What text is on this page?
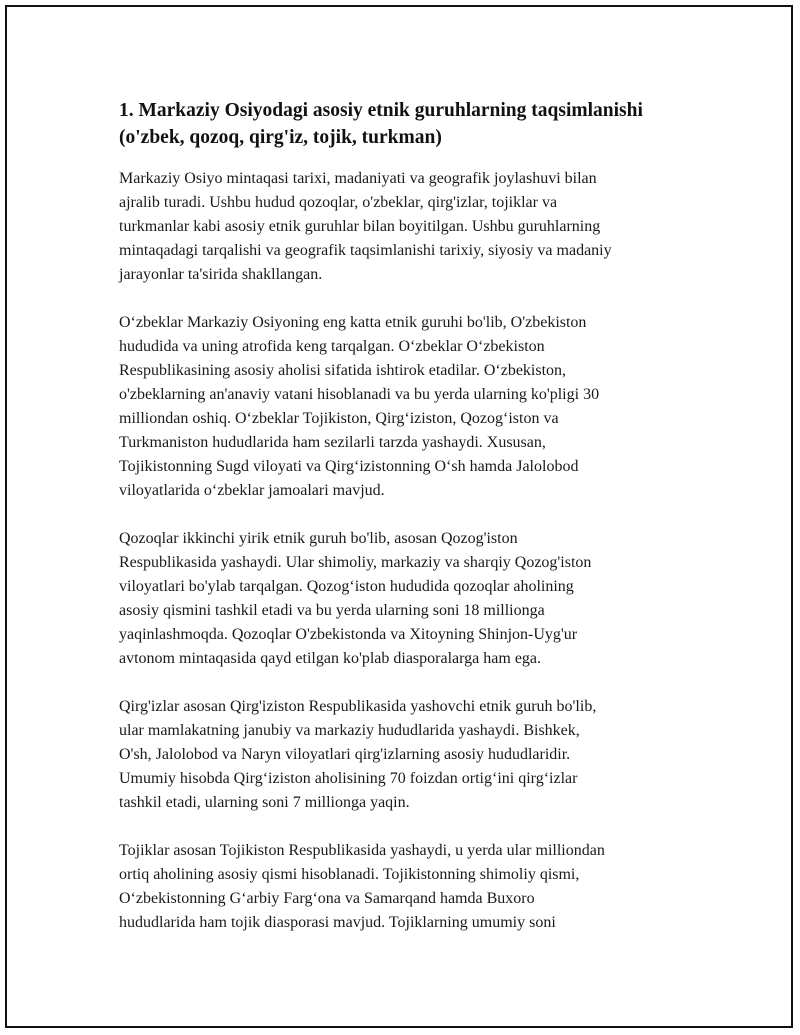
1. Markaziy Osiyodagi asosiy etnik guruhlarning taqsimlanishi
(o'zbek, qozoq, qirg'iz, tojik, turkman)

Markaziy Osiyo mintaqasi tarixi, madaniyati va geografik joylashuvi bilan
ajralib turadi. Ushbu hudud qozoqlar, o'zbeklar, qirg'izlar, tojiklar va
turkmanlar kabi asosiy etnik guruhlar bilan boyitilgan. Ushbu guruhlarning
mintaqadagi tarqalishi va geografik taqsimlanishi tarixiy, siyosiy va madaniy
jarayonlar ta'sirida shakllangan.

O‘zbeklar Markaziy Osiyoning eng katta etnik guruhi bo'lib, O'zbekiston
hududida va uning atrofida keng tarqalgan. O‘zbeklar O‘zbekiston
Respublikasining asosiy aholisi sifatida ishtirok etadilar. O‘zbekiston,
o'zbeklarning an'anaviy vatani hisoblanadi va bu yerda ularning ko'pligi 30
milliondan oshiq. O‘zbeklar Tojikiston, Qirg‘iziston, Qozog‘iston va
Turkmaniston hududlarida ham sezilarli tarzda yashaydi. Xususan,
Tojikistonning Sugd viloyati va Qirg‘izistonning O‘sh hamda Jalolobod
viloyatlarida o‘zbeklar jamoalari mavjud.

Qozoqlar ikkinchi yirik etnik guruh bo'lib, asosan Qozog'iston
Respublikasida yashaydi. Ular shimoliy, markaziy va sharqiy Qozog'iston
viloyatlari bo'ylab tarqalgan. Qozog‘iston hududida qozoqlar aholining
asosiy qismini tashkil etadi va bu yerda ularning soni 18 millionga
yaqinlashmoqda. Qozoqlar O'zbekistonda va Xitoyning Shinjon-Uyg'ur
avtonom mintaqasida qayd etilgan ko'plab diasporalarga ham ega.

Qirg'izlar asosan Qirg'iziston Respublikasida yashovchi etnik guruh bo'lib,
ular mamlakatning janubiy va markaziy hududlarida yashaydi. Bishkek,
O'sh, Jalolobod va Naryn viloyatlari qirg'izlarning asosiy hududlaridir.
Umumiy hisobda Qirg‘iziston aholisining 70 foizdan ortig‘ini qirg‘izlar
tashkil etadi, ularning soni 7 millionga yaqin.

Tojiklar asosan Tojikiston Respublikasida yashaydi, u yerda ular milliondan
ortiq aholining asosiy qismi hisoblanadi. Tojikistonning shimoliy qismi,
O‘zbekistonning G‘arbiy Farg‘ona va Samarqand hamda Buxoro
hududlarida ham tojik diasporasi mavjud. Tojiklarning umumiy soni
